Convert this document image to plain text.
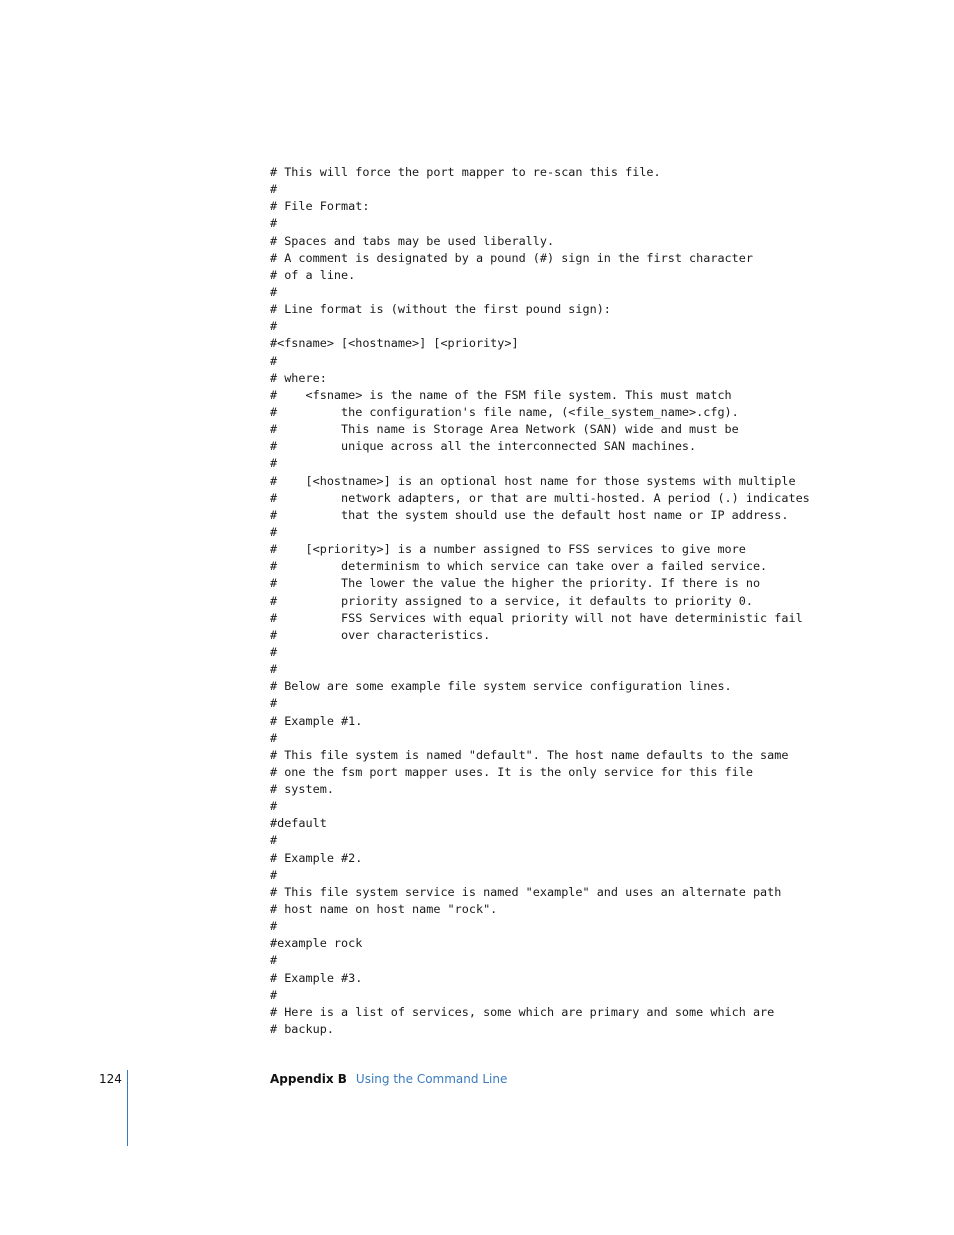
# This will force the port mapper to re-scan this file.
#
# File Format:
#
# Spaces and tabs may be used liberally.
# A comment is designated by a pound (#) sign in the first character
# of a line.
#
# Line format is (without the first pound sign):
#
#<fsname> [<hostname>] [<priority>]
#
# where:
#    <fsname> is the name of the FSM file system. This must match
#         the configuration's file name, (<file_system_name>.cfg).
#         This name is Storage Area Network (SAN) wide and must be
#         unique across all the interconnected SAN machines.
#
#    [<hostname>] is an optional host name for those systems with multiple
#         network adapters, or that are multi-hosted. A period (.) indicates
#         that the system should use the default host name or IP address.
#
#    [<priority>] is a number assigned to FSS services to give more
#         determinism to which service can take over a failed service.
#         The lower the value the higher the priority. If there is no
#         priority assigned to a service, it defaults to priority 0.
#         FSS Services with equal priority will not have deterministic fail
#         over characteristics.
#
#
# Below are some example file system service configuration lines.
#
# Example #1.
#
# This file system is named "default". The host name defaults to the same
# one the fsm port mapper uses. It is the only service for this file
# system.
#
#default
#
# Example #2.
#
# This file system service is named "example" and uses an alternate path
# host name on host name "rock".
#
#example rock
#
# Example #3.
#
# Here is a list of services, some which are primary and some which are
# backup.
124	Appendix B Using the Command Line
